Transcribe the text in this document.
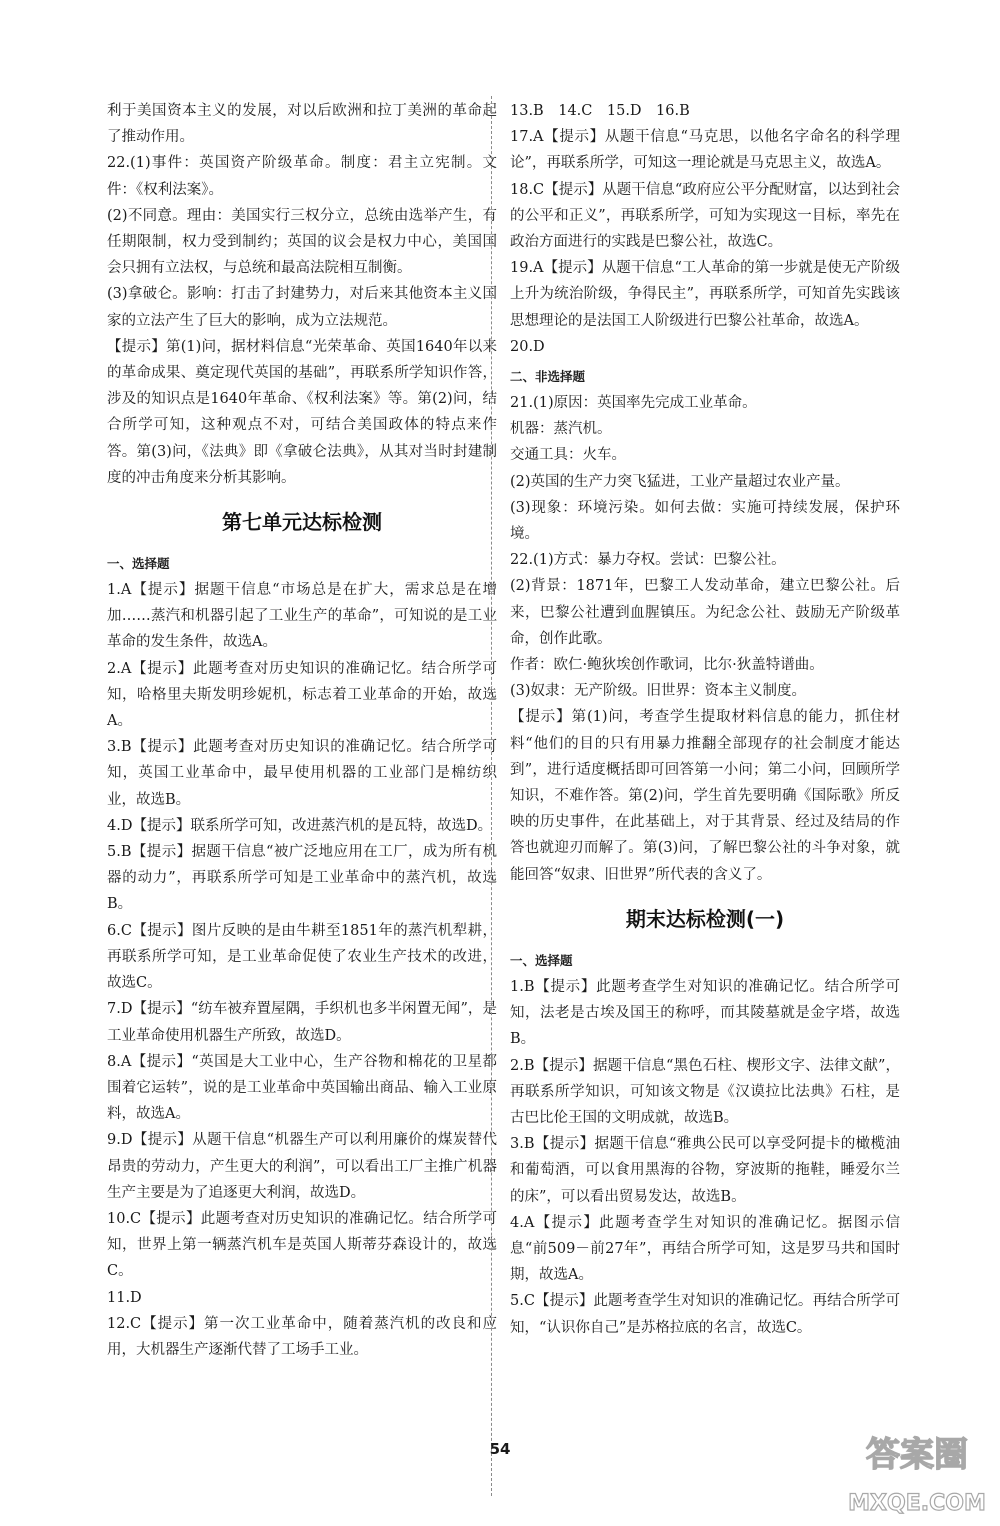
利于美国资本主义的发展，对以后欧洲和拉丁美洲的革命起了推动作用。

22.(1)事件：英国资产阶级革命。制度：君主立宪制。文件：《权利法案》。

(2)不同意。理由：美国实行三权分立，总统由选举产生，有任期限制，权力受到制约；英国的议会是权力中心，美国国会只拥有立法权，与总统和最高法院相互制衡。

(3)拿破仑。影响：打击了封建势力，对后来其他资本主义国家的立法产生了巨大的影响，成为立法规范。

【提示】第(1)问，据材料信息“光荣革命、英国1640年以来的革命成果、奠定现代英国的基础”，再联系所学知识作答，涉及的知识点是1640年革命、《权利法案》等。第(2)问，结合所学可知，这种观点不对，可结合美国政体的特点来作答。第(3)问，《法典》即《拿破仑法典》，从其对当时封建制度的冲击角度来分析其影响。

第七单元达标检测
一、选择题

1.A【提示】据题干信息“市场总是在扩大，需求总是在增加……蒸汽和机器引起了工业生产的革命”，可知说的是工业革命的发生条件，故选A。

2.A【提示】此题考查对历史知识的准确记忆。结合所学可知，哈格里夫斯发明珍妮机，标志着工业革命的开始，故选A。

3.B【提示】此题考查对历史知识的准确记忆。结合所学可知，英国工业革命中，最早使用机器的工业部门是棉纺织业，故选B。

4.D【提示】联系所学可知，改进蒸汽机的是瓦特，故选D。

5.B【提示】据题干信息“被广泛地应用在工厂，成为所有机器的动力”，再联系所学可知是工业革命中的蒸汽机，故选B。

6.C【提示】图片反映的是由牛耕至1851年的蒸汽机犁耕，再联系所学可知，是工业革命促使了农业生产技术的改进，故选C。

7.D【提示】“纺车被弃置屋隅，手织机也多半闲置无闻”，是工业革命使用机器生产所致，故选D。

8.A【提示】“英国是大工业中心，生产谷物和棉花的卫星都围着它运转”，说的是工业革命中英国输出商品、输入工业原料，故选A。

9.D【提示】从题干信息“机器生产可以利用廉价的煤炭替代昂贵的劳动力，产生更大的利润”，可以看出工厂主推广机器生产主要是为了追逐更大利润，故选D。

10.C【提示】此题考查对历史知识的准确记忆。结合所学可知，世界上第一辆蒸汽机车是英国人斯蒂芬森设计的，故选C。

11.D

12.C【提示】第一次工业革命中，随着蒸汽机的改良和应用，大机器生产逐渐代替了工场手工业。

13.B　14.C　15.D　16.B

17.A【提示】从题干信息“马克思，以他名字命名的科学理论”，再联系所学，可知这一理论就是马克思主义，故选A。

18.C【提示】从题干信息“政府应公平分配财富，以达到社会的公平和正义”，再联系所学，可知为实现这一目标，率先在政治方面进行的实践是巴黎公社，故选C。

19.A【提示】从题干信息“工人革命的第一步就是使无产阶级上升为统治阶级，争得民主”，再联系所学，可知首先实践该思想理论的是法国工人阶级进行巴黎公社革命，故选A。

20.D

二、非选择题

21.(1)原因：英国率先完成工业革命。

机器：蒸汽机。

交通工具：火车。

(2)英国的生产力突飞猛进，工业产量超过农业产量。

(3)现象：环境污染。如何去做：实施可持续发展，保护环境。

22.(1)方式：暴力夺权。尝试：巴黎公社。

(2)背景：1871年，巴黎工人发动革命，建立巴黎公社。后来，巴黎公社遭到血腥镇压。为纪念公社、鼓励无产阶级革命，创作此歌。

作者：欧仁·鲍狄埃创作歌词，比尔·狄盖特谱曲。

(3)奴隶：无产阶级。旧世界：资本主义制度。

【提示】第(1)问，考查学生提取材料信息的能力，抓住材料“他们的目的只有用暴力推翻全部现存的社会制度才能达到”，进行适度概括即可回答第一小问；第二小问，回顾所学知识，不难作答。第(2)问，学生首先要明确《国际歌》所反映的历史事件，在此基础上，对于其背景、经过及结局的作答也就迎刃而解了。第(3)问，了解巴黎公社的斗争对象，就能回答“奴隶、旧世界”所代表的含义了。

期末达标检测(一)
一、选择题

1.B【提示】此题考查学生对知识的准确记忆。结合所学可知，法老是古埃及国王的称呼，而其陵墓就是金字塔，故选B。

2.B【提示】据题干信息“黑色石柱、楔形文字、法律文献”，再联系所学知识，可知该文物是《汉谟拉比法典》石柱，是古巴比伦王国的文明成就，故选B。

3.B【提示】据题干信息“雅典公民可以享受阿提卡的橄榄油和葡萄酒，可以食用黑海的谷物，穿波斯的拖鞋，睡爱尔兰的床”，可以看出贸易发达，故选B。

4.A【提示】此题考查学生对知识的准确记忆。据图示信息“前509－前27年”，再结合所学可知，这是罗马共和国时期，故选A。

5.C【提示】此题考查学生对知识的准确记忆。再结合所学可知，“认识你自己”是苏格拉底的名言，故选C。

54	答案圈
MXQE.COM
